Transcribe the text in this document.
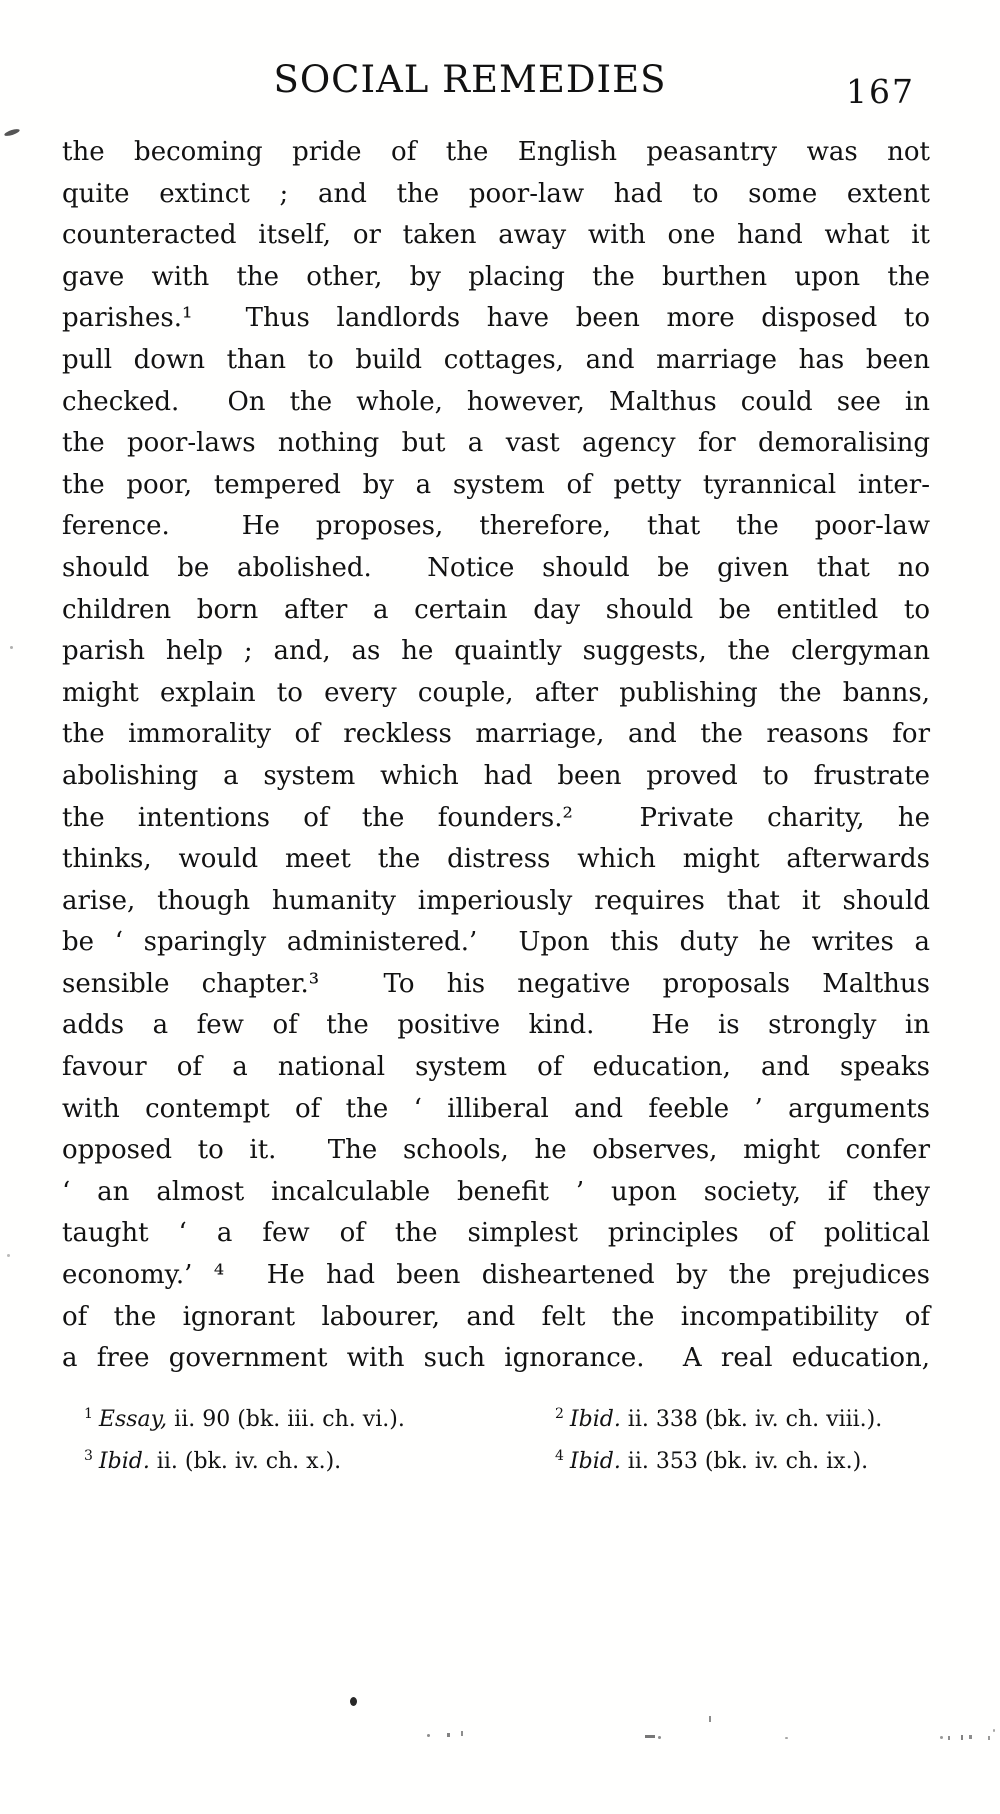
SOCIAL REMEDIES	167
the becoming pride of the English peasantry was not
quite extinct ; and the poor-law had to some extent
counteracted itself, or taken away with one hand what it
gave with the other, by placing the burthen upon the
parishes.¹  Thus landlords have been more disposed to
pull down than to build cottages, and marriage has been
checked.  On the whole, however, Malthus could see in
the poor-laws nothing but a vast agency for demoralising
the poor, tempered by a system of petty tyrannical inter-
ference.  He proposes, therefore, that the poor-law
should be abolished.  Notice should be given that no
children born after a certain day should be entitled to
parish help ; and, as he quaintly suggests, the clergyman
might explain to every couple, after publishing the banns,
the immorality of reckless marriage, and the reasons for
abolishing a system which had been proved to frustrate
the intentions of the founders.²  Private charity, he
thinks, would meet the distress which might afterwards
arise, though humanity imperiously requires that it should
be ‘ sparingly administered.’  Upon this duty he writes a
sensible chapter.³  To his negative proposals Malthus
adds a few of the positive kind.  He is strongly in
favour of a national system of education, and speaks
with contempt of the ‘ illiberal and feeble ’ arguments
opposed to it.  The schools, he observes, might confer
‘ an almost incalculable benefit ’ upon society, if they
taught ‘ a few of the simplest principles of political
economy.’ ⁴  He had been disheartened by the prejudices
of the ignorant labourer, and felt the incompatibility of
a free government with such ignorance.  A real education,
$^1$ Essay, ii. 90 (bk. iii. ch. vi.).	$^2$ Ibid. ii. 338 (bk. iv. ch. viii.).
$^3$ Ibid. ii. (bk. iv. ch. x.).	$^4$ Ibid. ii. 353 (bk. iv. ch. ix.).
